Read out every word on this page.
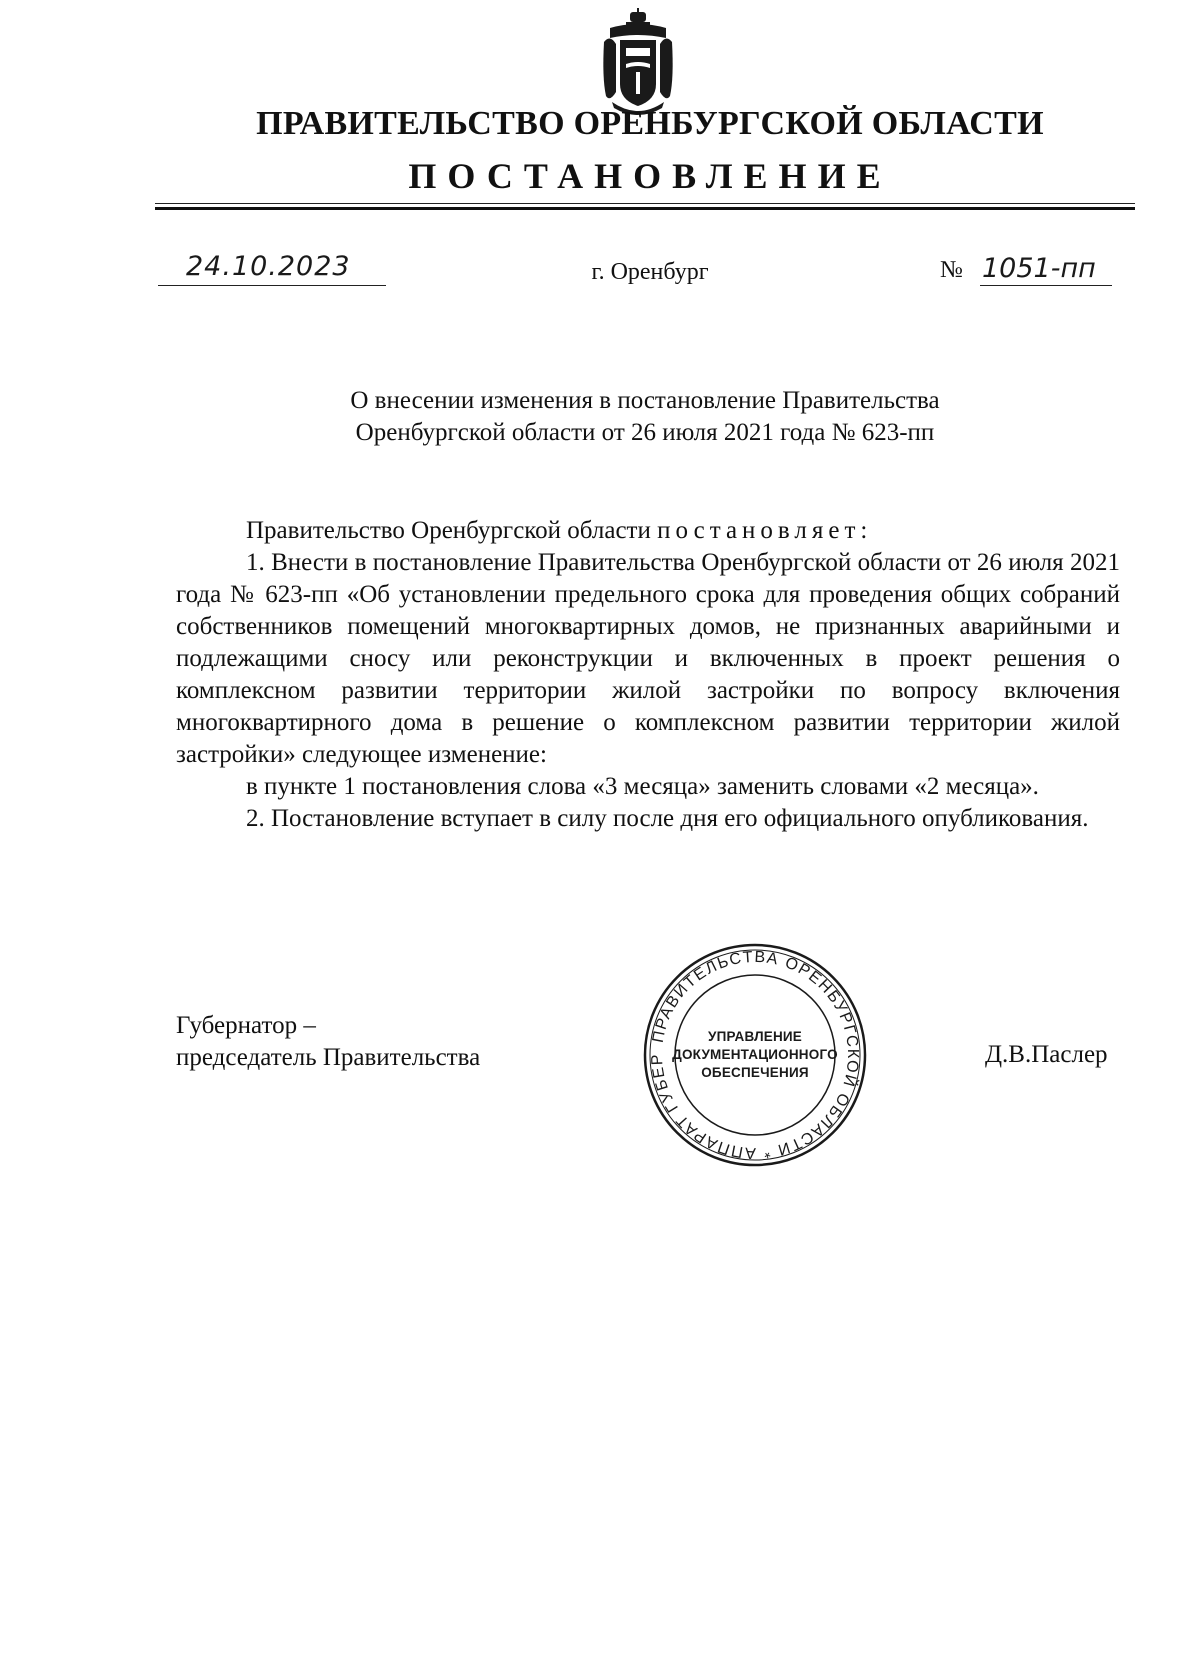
ПРАВИТЕЛЬСТВО ОРЕНБУРГСКОЙ ОБЛАСТИ
ПОСТАНОВЛЕНИЕ
24.10.2023	г. Оренбург	№ 1051-пп
О внесении изменения в постановление Правительства
Оренбургской области от 26 июля 2021 года № 623-пп
Правительство Оренбургской области постановляет:

1. Внести в постановление Правительства Оренбургской области от 26 июля 2021 года № 623-пп «Об установлении предельного срока для проведения общих собраний собственников помещений многоквартирных домов, не признанных аварийными и подлежащими сносу или реконструкции и включенных в проект решения о комплексном развитии территории жилой застройки по вопросу включения многоквартирного дома в решение о комплексном развитии территории жилой застройки» следующее изменение:

в пункте 1 постановления слова «3 месяца» заменить словами «2 месяца».

2. Постановление вступает в силу после дня его официального опубликования.

Губернатор –
председатель Правительства
ПРАВИТЕЛЬСТВА ОРЕНБУРГСКОЙ ОБЛАСТИ * АППАРАТ ГУБЕР
УПРАВЛЕНИЕ
ДОКУМЕНТАЦИОННОГО
ОБЕСПЕЧЕНИЯ
Д.В.Паслер
